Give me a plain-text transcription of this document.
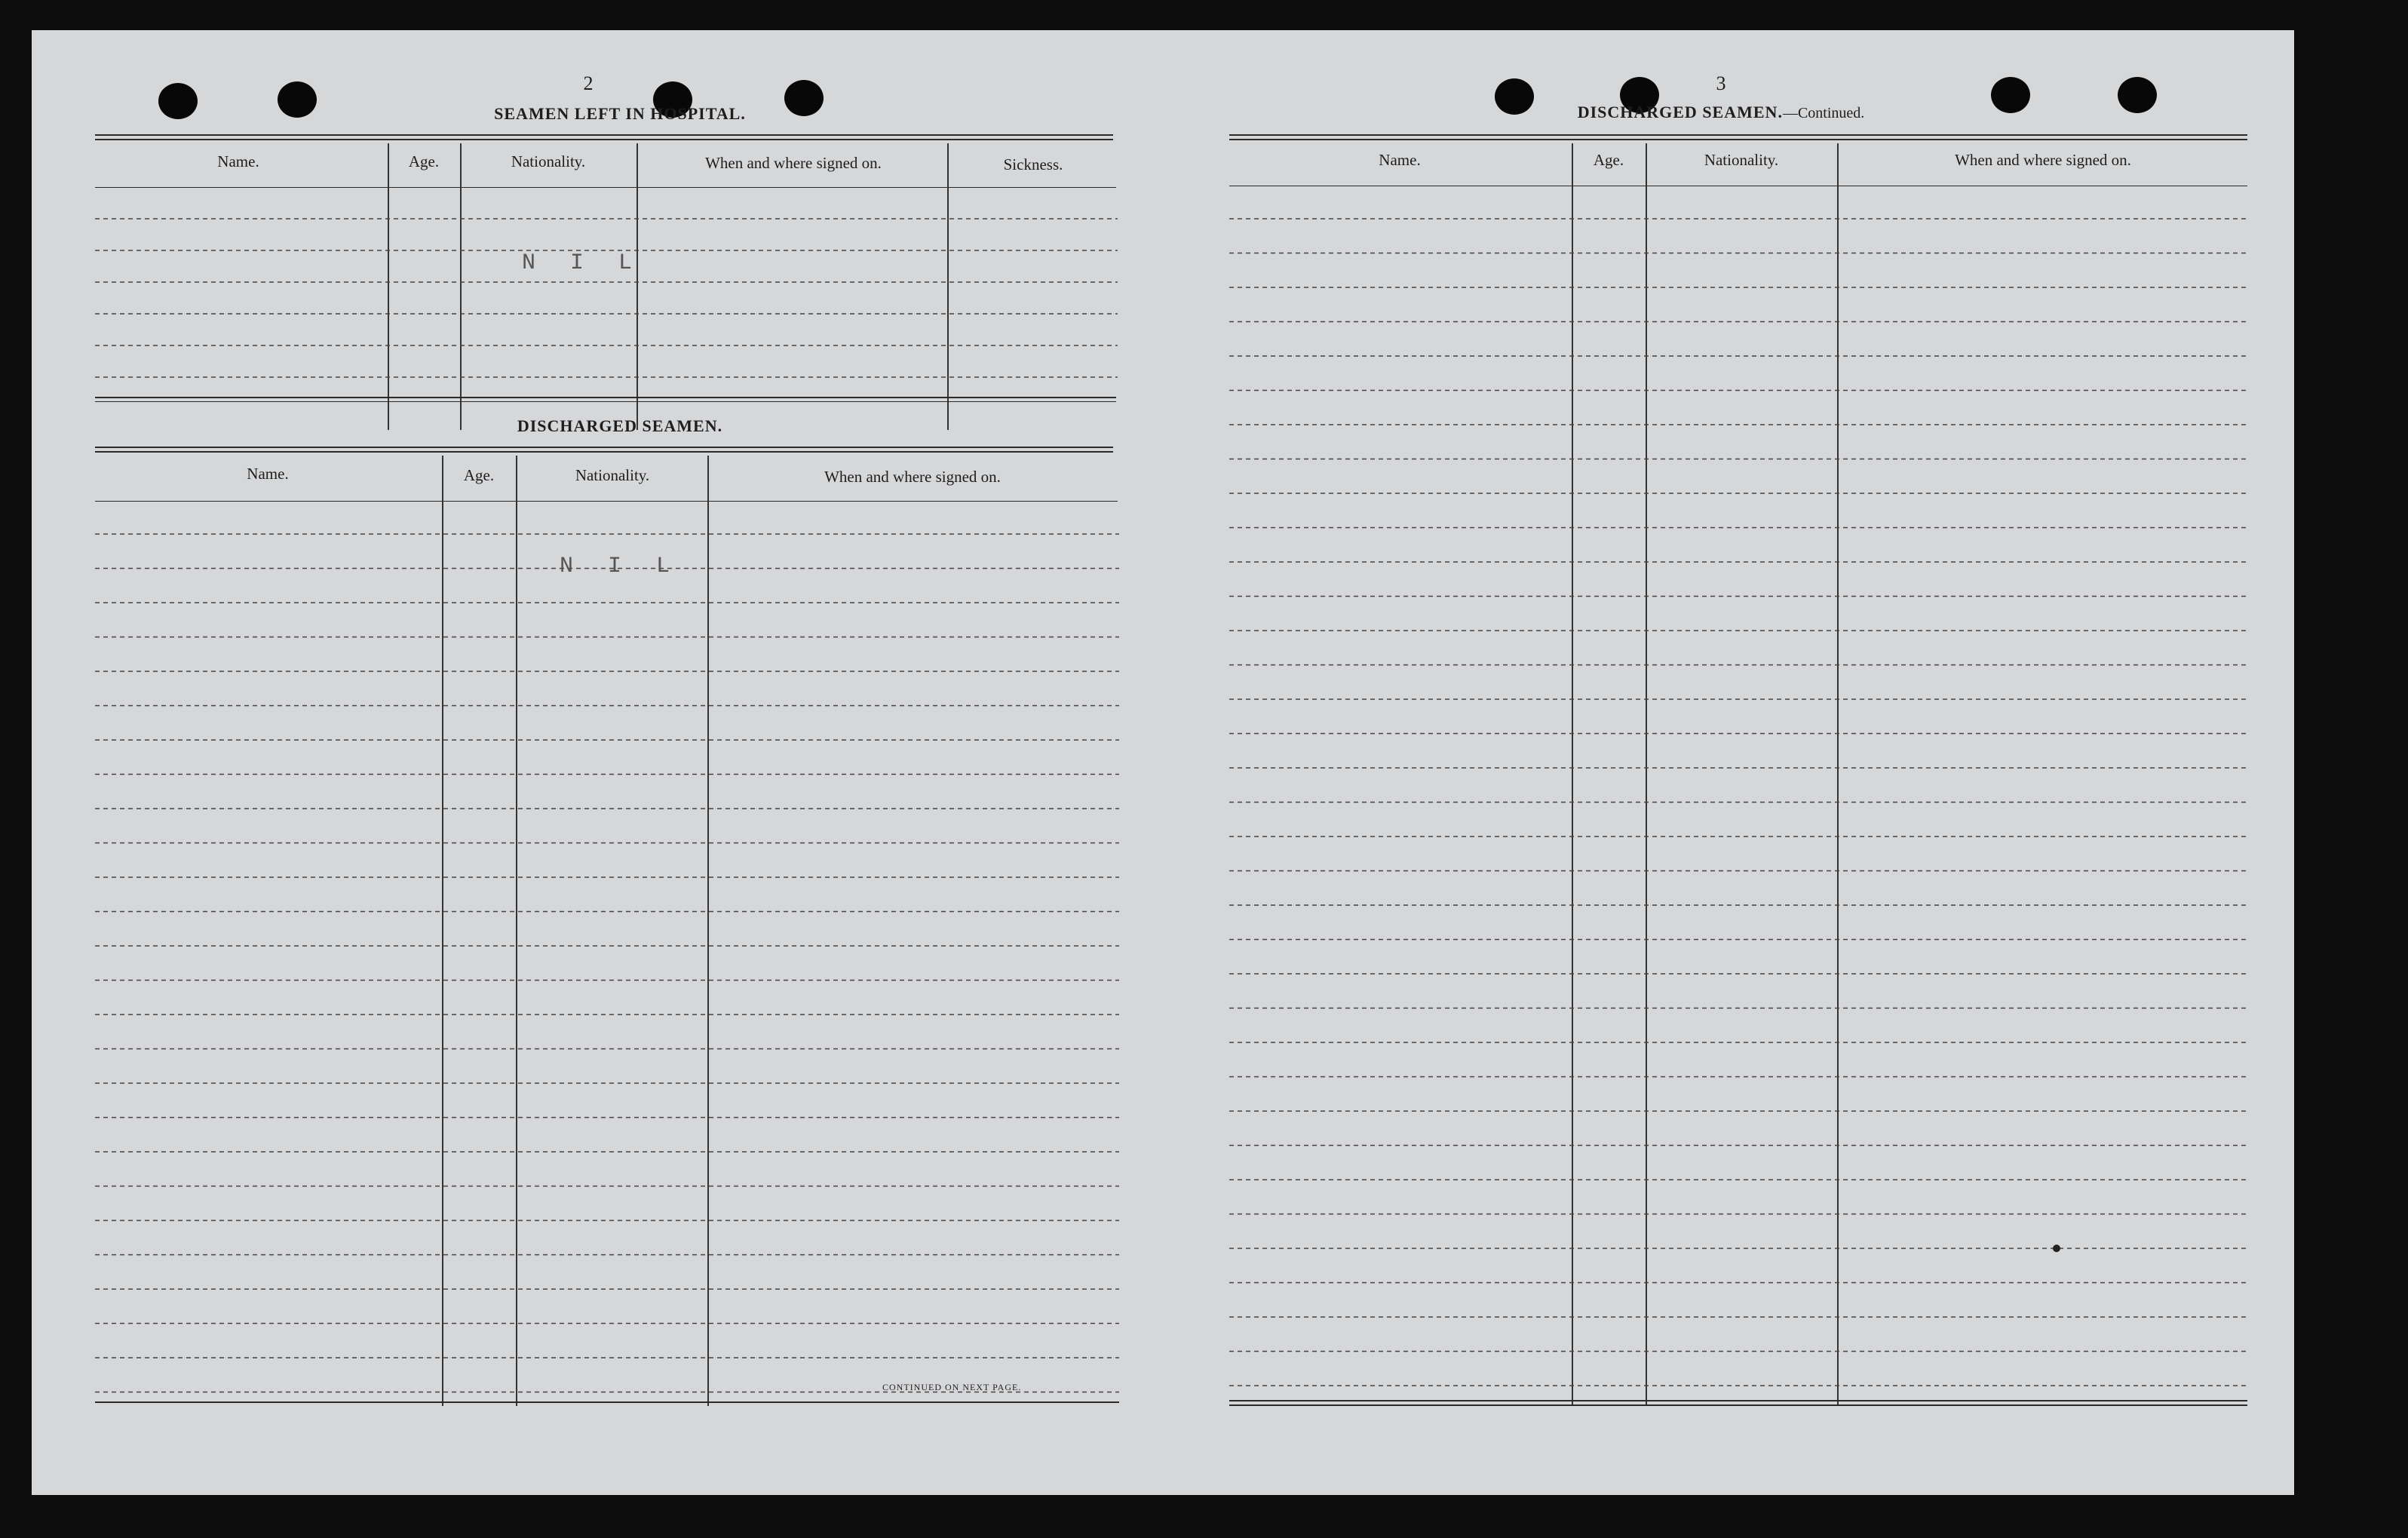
2
SEAMEN LEFT IN HOSPITAL.
Name.	Age.	Nationality.	When and where signed on.	Sickness.
N I L
DISCHARGED SEAMEN.
Name.	Age.	Nationality.	When and where signed on.
N I L
CONTINUED ON NEXT PAGE.
3
DISCHARGED SEAMEN.—Continued.
Name.	Age.	Nationality.	When and where signed on.
